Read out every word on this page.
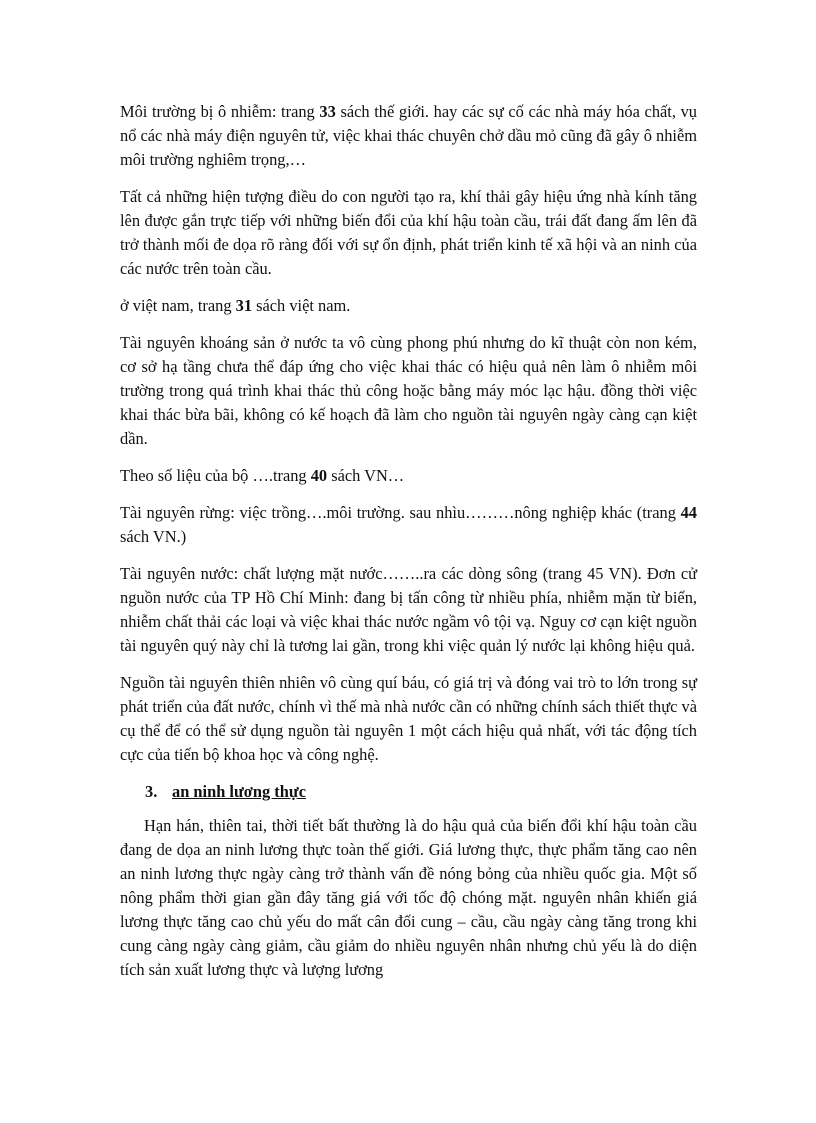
Môi trường bị ô nhiễm: trang 33 sách thế giới. hay các sự cố các nhà máy hóa chất, vụ nổ các nhà máy điện nguyên tử, việc khai thác chuyên chở dầu mỏ cũng đã gây ô nhiễm môi trường nghiêm trọng,…

Tất cả những hiện tượng điều do con người tạo ra, khí thải gây hiệu ứng nhà kính tăng lên được gắn trực tiếp với những biến đổi của khí hậu toàn cầu, trái đất đang ấm lên đã trở thành mối đe dọa rõ ràng đối với sự ổn định, phát triển kinh tế xã hội và an ninh của các nước trên toàn cầu.

ở việt nam, trang 31 sách việt nam.

Tài nguyên khoáng sản ở nước ta vô cùng phong phú nhưng do kĩ thuật còn non kém, cơ sở hạ tầng chưa thể đáp ứng cho việc khai thác có hiệu quả nên làm ô nhiễm môi trường trong quá trình khai thác thủ công hoặc bằng máy móc lạc hậu. đồng thời việc khai thác bừa bãi, không có kế hoạch đã làm cho nguồn tài nguyên ngày càng cạn kiệt dần.

Theo số liệu của bộ ….trang 40 sách VN…

Tài nguyên rừng: việc trồng….môi trường. sau nhìu………nông nghiệp khác (trang 44 sách VN.)

Tài nguyên nước: chất lượng mặt nước……..ra các dòng sông (trang 45 VN). Đơn cử nguồn nước của TP Hồ Chí Minh: đang bị tấn công từ nhiều phía, nhiễm mặn từ biển, nhiễm chất thải các loại và việc khai thác nước ngầm vô tội vạ. Nguy cơ cạn kiệt nguồn tài nguyên quý này chỉ là tương lai gần, trong khi việc quản lý nước lại không hiệu quả.

Nguồn tài nguyên thiên nhiên vô cùng quí báu, có giá trị và đóng vai trò to lớn trong sự phát triển của đất nước, chính vì thế mà nhà nước cần có những chính sách thiết thực và cụ thể để có thể sử dụng nguồn tài nguyên 1 một cách hiệu quả nhất, với tác động tích cực của tiến bộ khoa học và công nghệ.

3. an ninh lương thực

Hạn hán, thiên tai, thời tiết bất thường là do hậu quả của biến đổi khí hậu toàn cầu đang de dọa an ninh lương thực toàn thế giới. Giá lương thực, thực phẩm tăng cao nên an ninh lương thực ngày càng trở thành vấn đề nóng bỏng của nhiều quốc gia. Một số nông phẩm thời gian gần đây tăng giá với tốc độ chóng mặt. nguyên nhân khiến giá lương thực tăng cao chủ yếu do mất cân đối cung – cầu, cầu ngày càng tăng trong khi cung càng ngày càng giảm, cầu giảm do nhiều nguyên nhân nhưng chủ yếu là do diện tích sản xuất lương thực và lượng lương
